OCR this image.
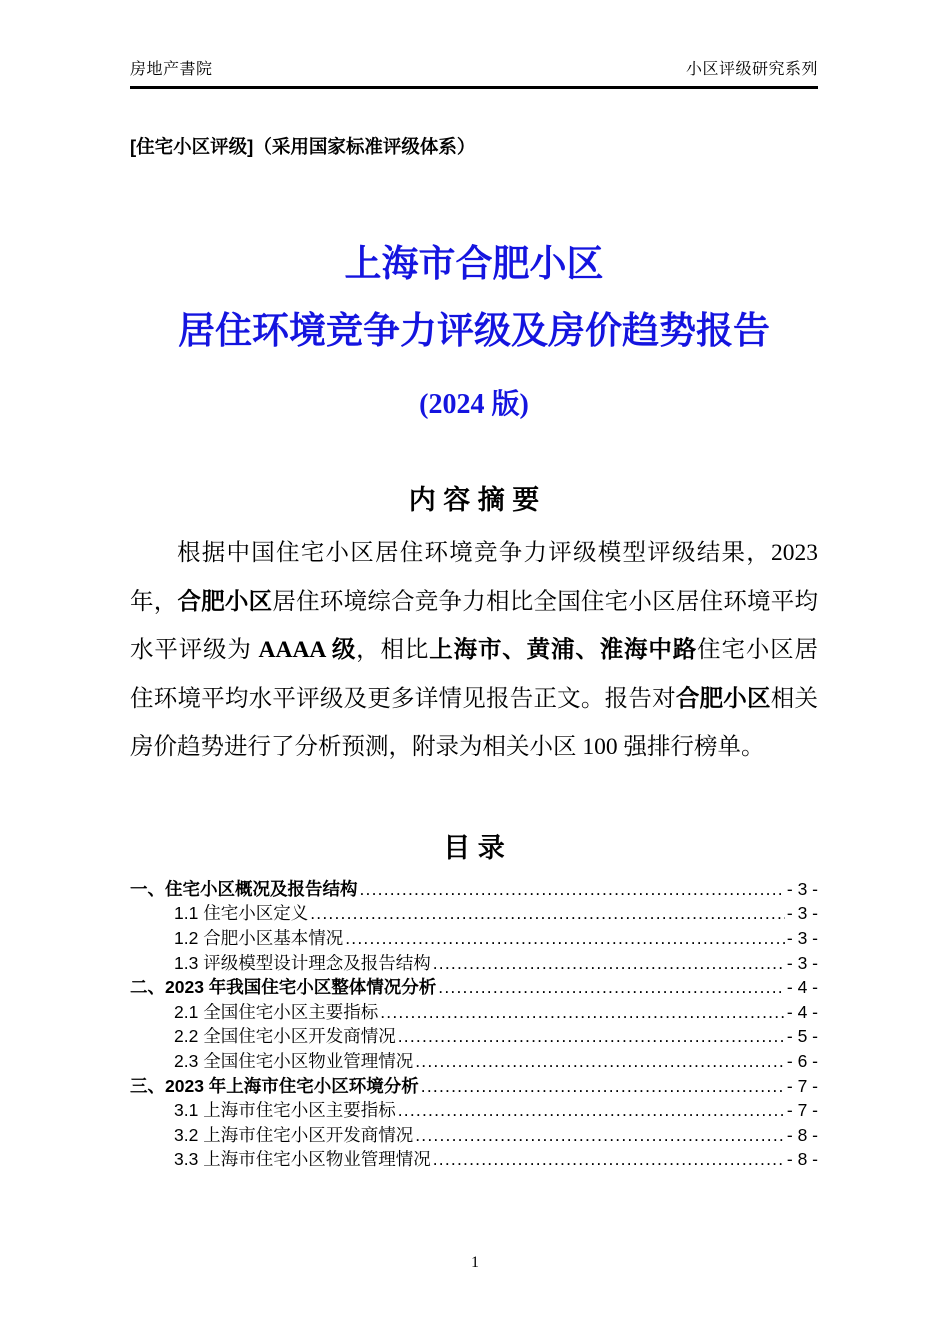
房地产書院	小区评级研究系列
[住宅小区评级]（采用国家标准评级体系）
上海市合肥小区
居住环境竞争力评级及房价趋势报告
(2024 版)
内 容 摘 要

根据中国住宅小区居住环境竞争力评级模型评级结果，2023 年，合肥小区居住环境综合竞争力相比全国住宅小区居住环境平均水平评级为 AAAA 级，相比上海市、黄浦、淮海中路住宅小区居住环境平均水平评级及更多详情见报告正文。报告对合肥小区相关房价趋势进行了分析预测，附录为相关小区 100 强排行榜单。

目 录
一、住宅小区概况及报告结构 .....	- 3 -
1.1 住宅小区定义 .....	- 3 -
1.2 合肥小区基本情况 .....	- 3 -
1.3 评级模型设计理念及报告结构 .....	- 3 -
二、2023 年我国住宅小区整体情况分析 .....	- 4 -
2.1 全国住宅小区主要指标 .....	- 4 -
2.2 全国住宅小区开发商情况 .....	- 5 -
2.3 全国住宅小区物业管理情况 .....	- 6 -
三、2023 年上海市住宅小区环境分析 .....	- 7 -
3.1 上海市住宅小区主要指标 .....	- 7 -
3.2 上海市住宅小区开发商情况 .....	- 8 -
3.3 上海市住宅小区物业管理情况 .....	- 8 -
1
